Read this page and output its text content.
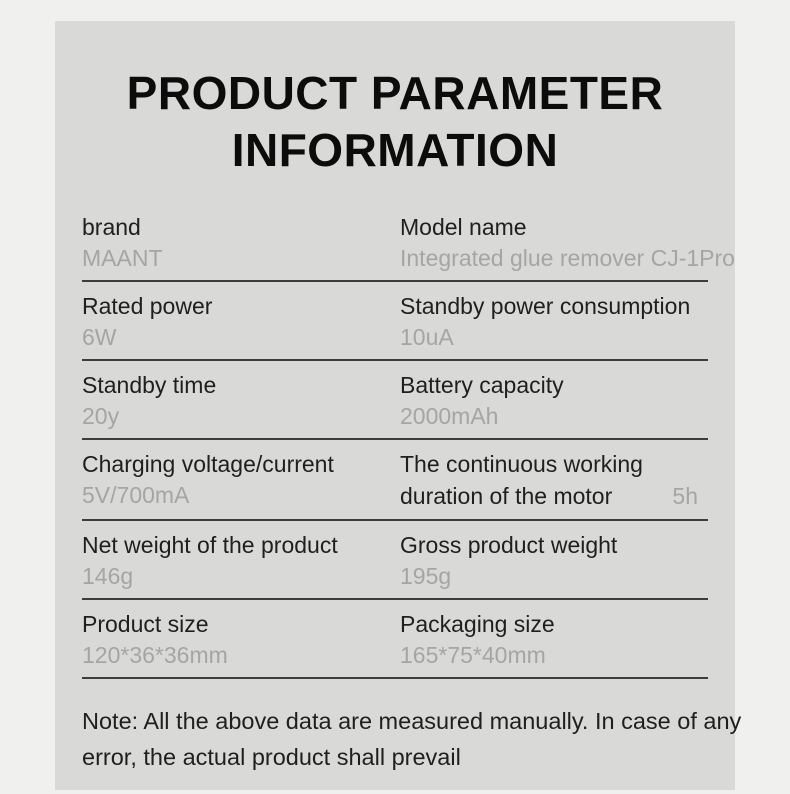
PRODUCT PARAMETER
INFORMATION
brand
MAANT
Model name
Integrated glue remover CJ-1Pro
Rated power
6W
Standby power consumption
10uA
Standby time
20y
Battery capacity
2000mAh
Charging voltage/current
5V/700mA
The continuous working duration of the motor	5h
Net weight of the product
146g
Gross product weight
195g
Product size
120*36*36mm
Packaging size
165*75*40mm
Note: All the above data are measured manually. In case of any
error, the actual product shall prevail
